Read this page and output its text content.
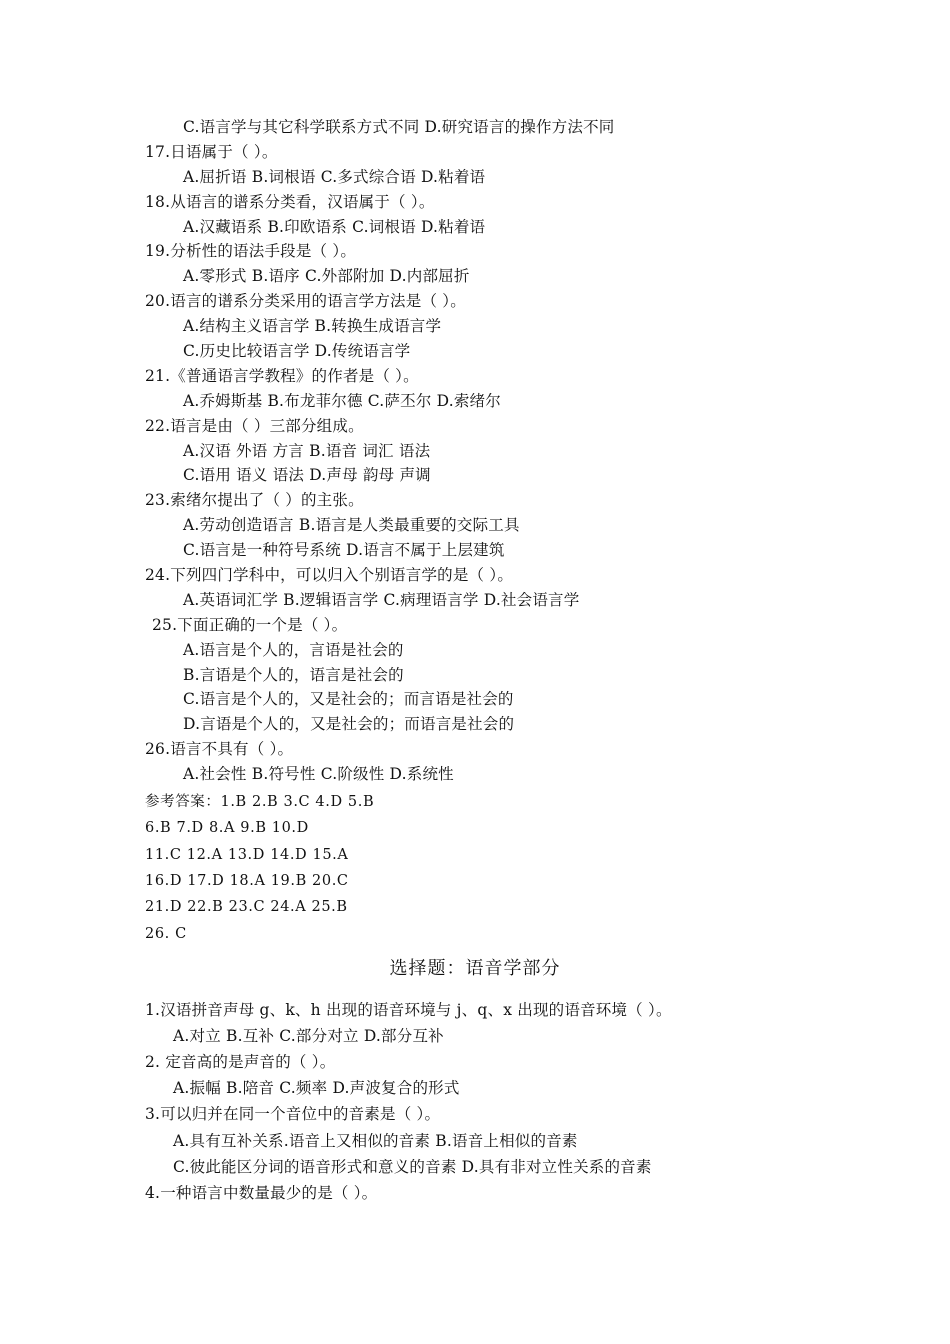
C.语言学与其它科学联系方式不同 D.研究语言的操作方法不同
17.日语属于（ ）。
A.屈折语 B.词根语 C.多式综合语 D.粘着语
18.从语言的谱系分类看，汉语属于（ ）。
A.汉藏语系 B.印欧语系 C.词根语 D.粘着语
19.分析性的语法手段是（ ）。
A.零形式 B.语序 C.外部附加 D.内部屈折
20.语言的谱系分类采用的语言学方法是（ ）。
A.结构主义语言学 B.转换生成语言学
C.历史比较语言学 D.传统语言学
21.《普通语言学教程》的作者是（ ）。
A.乔姆斯基 B.布龙菲尔德 C.萨丕尔 D.索绪尔
22.语言是由（ ）三部分组成。
A.汉语 外语 方言 B.语音 词汇 语法
C.语用 语义 语法 D.声母 韵母 声调
23.索绪尔提出了（ ）的主张。
A.劳动创造语言 B.语言是人类最重要的交际工具
C.语言是一种符号系统 D.语言不属于上层建筑
24.下列四门学科中，可以归入个别语言学的是（ ）。
A.英语词汇学 B.逻辑语言学 C.病理语言学 D.社会语言学
25.下面正确的一个是（ ）。
A.语言是个人的，言语是社会的
B.言语是个人的，语言是社会的
C.语言是个人的，又是社会的；而言语是社会的
D.言语是个人的，又是社会的；而语言是社会的
26.语言不具有（ ）。
A.社会性 B.符号性 C.阶级性 D.系统性
参考答案：1.B 2.B 3.C 4.D 5.B
6.B 7.D 8.A 9.B 10.D
11.C 12.A 13.D 14.D 15.A
16.D 17.D 18.A 19.B 20.C
21.D 22.B 23.C 24.A 25.B
26. C
选择题：语音学部分
1.汉语拼音声母 g、k、h 出现的语音环境与 j、q、x 出现的语音环境（ ）。
A.对立 B.互补 C.部分对立 D.部分互补
2. 定音高的是声音的（ ）。
A.振幅 B.陪音 C.频率 D.声波复合的形式
3.可以归并在同一个音位中的音素是（ ）。
A.具有互补关系.语音上又相似的音素 B.语音上相似的音素
C.彼此能区分词的语音形式和意义的音素 D.具有非对立性关系的音素
4.一种语言中数量最少的是（ ）。
